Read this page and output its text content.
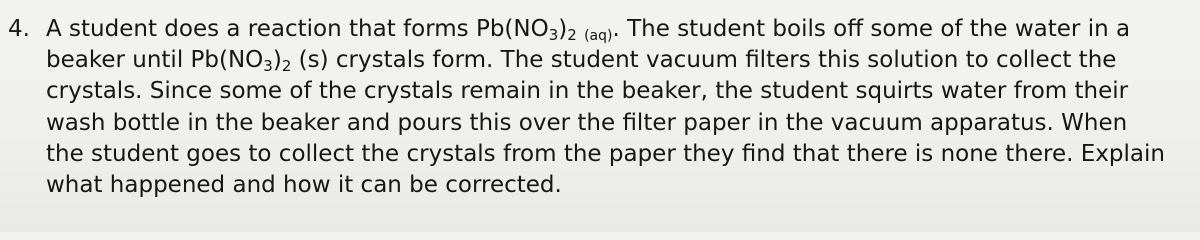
4. A student does a reaction that forms $Pb(NO_3)_2$ (aq). The student boils off some of the water in a
beaker until $Pb(NO_3)_2$ (s) crystals form. The student vacuum filters this solution to collect the
crystals. Since some of the crystals remain in the beaker, the student squirts water from their
wash bottle in the beaker and pours this over the filter paper in the vacuum apparatus. When
the student goes to collect the crystals from the paper they find that there is none there. Explain
what happened and how it can be corrected.
